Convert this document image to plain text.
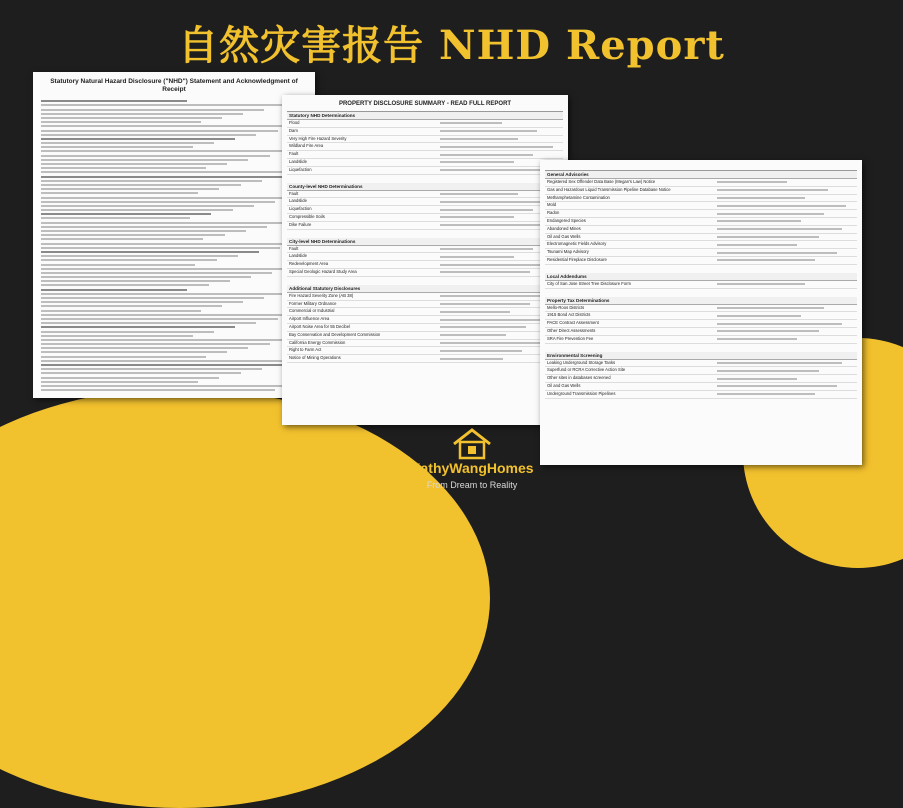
自然灾害报告 NHD Report
Statutory Natural Hazard Disclosure ("NHD") Statement and Acknowledgment of Receipt
PROPERTY DISCLOSURE SUMMARY - READ FULL REPORT
Statutory NHD Determinations
Flood
Dam
Very High Fire Hazard Severity
Wildland Fire Area
Fault
Landslide
Liquefaction
County-level NHD Determinations
Fault
Landslide
Liquefaction
Compressible Soils
Dike Failure
City-level NHD Determinations
Fault
Landslide
Redevelopment Area
Special Geologic Hazard Study Area
Additional Statutory Disclosures
Fire Hazard Severity Zone (AB 38)
Former Military Ordnance
Commercial or Industrial
Airport Influence Area
Airport Noise Area for 55 Decibel
Bay Conservation and Development Commission
California Energy Commission
Right to Farm Act
Notice of Mining Operations
General Advisories
Registered Sex Offender Data Base (Megan's Law) Notice
Gas and Hazardous Liquid Transmission Pipeline Database Notice
Methamphetamine Contamination
Mold
Radon
Endangered Species
Abandoned Mines
Oil and Gas Wells
Electromagnetic Fields Advisory
Tsunami Map Advisory
Residential Fireplace Disclosure
Local Addendums
City of San Jose Street Tree Disclosure Form
Property Tax Determinations
Mello-Roos Districts
1915 Bond Act Districts
PACE Contract Assessment
Other Direct Assessments
SRA Fire Prevention Fee
Environmental Screening
Leaking Underground Storage Tanks
Superfund or RCRA Corrective Action Site
Other sites in databases screened
Oil and Gas Wells
Underground Transmission Pipelines
KathyWangHomes
From Dream to Reality
